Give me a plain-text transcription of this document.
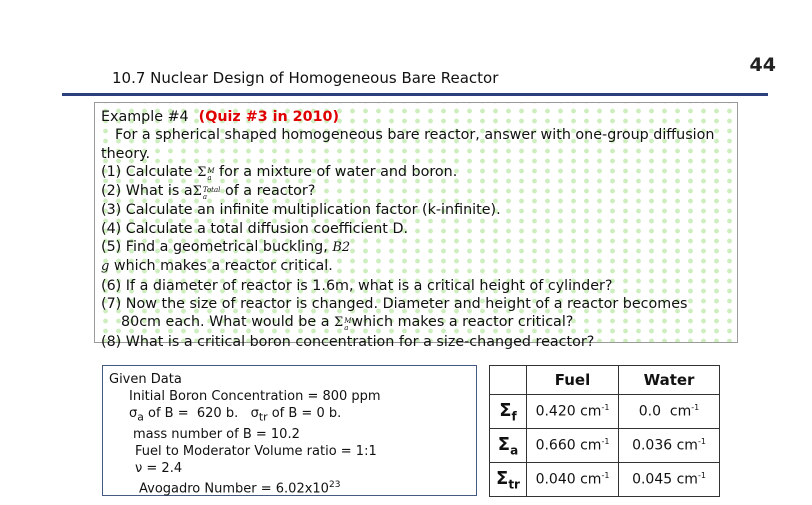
44
10.7 Nuclear Design of Homogeneous Bare Reactor
Example #4 (Quiz #3 in 2010)
For a spherical shaped homogeneous bare reactor, answer with one-group diffusion
theory.
(1) Calculate ΣM
a for a mixture of water and boron.
(2) What is aΣTotal
a of a reactor?
(3) Calculate an infinite multiplication factor (k-infinite).
(4) Calculate a total diffusion coefficient D.
(5) Find a geometrical buckling, B2
g which makes a reactor critical.
(6) If a diameter of reactor is 1.6m, what is a critical height of cylinder?
(7) Now the size of reactor is changed. Diameter and height of a reactor becomes
80cm each. What would be a ΣM
a which makes a reactor critical?
(8) What is a critical boron concentration for a size-changed reactor?
Given Data
Initial Boron Concentration = 800 ppm
$\sigma_a$ of B =  620 b.   $\sigma_{tr}$ of B = 0 b.
mass number of B = 10.2
Fuel to Moderator Volume ratio = 1:1
ν = 2.4
Avogadro Number = $6.02x10^{23}$
	Fuel	Water
$\Sigma_f$	0.420 $cm^{-1}$	0.0  $cm^{-1}$
$\Sigma_a$	0.660 $cm^{-1}$	0.036 $cm^{-1}$
$\Sigma_{tr}$	0.040 $cm^{-1}$	0.045 $cm^{-1}$
